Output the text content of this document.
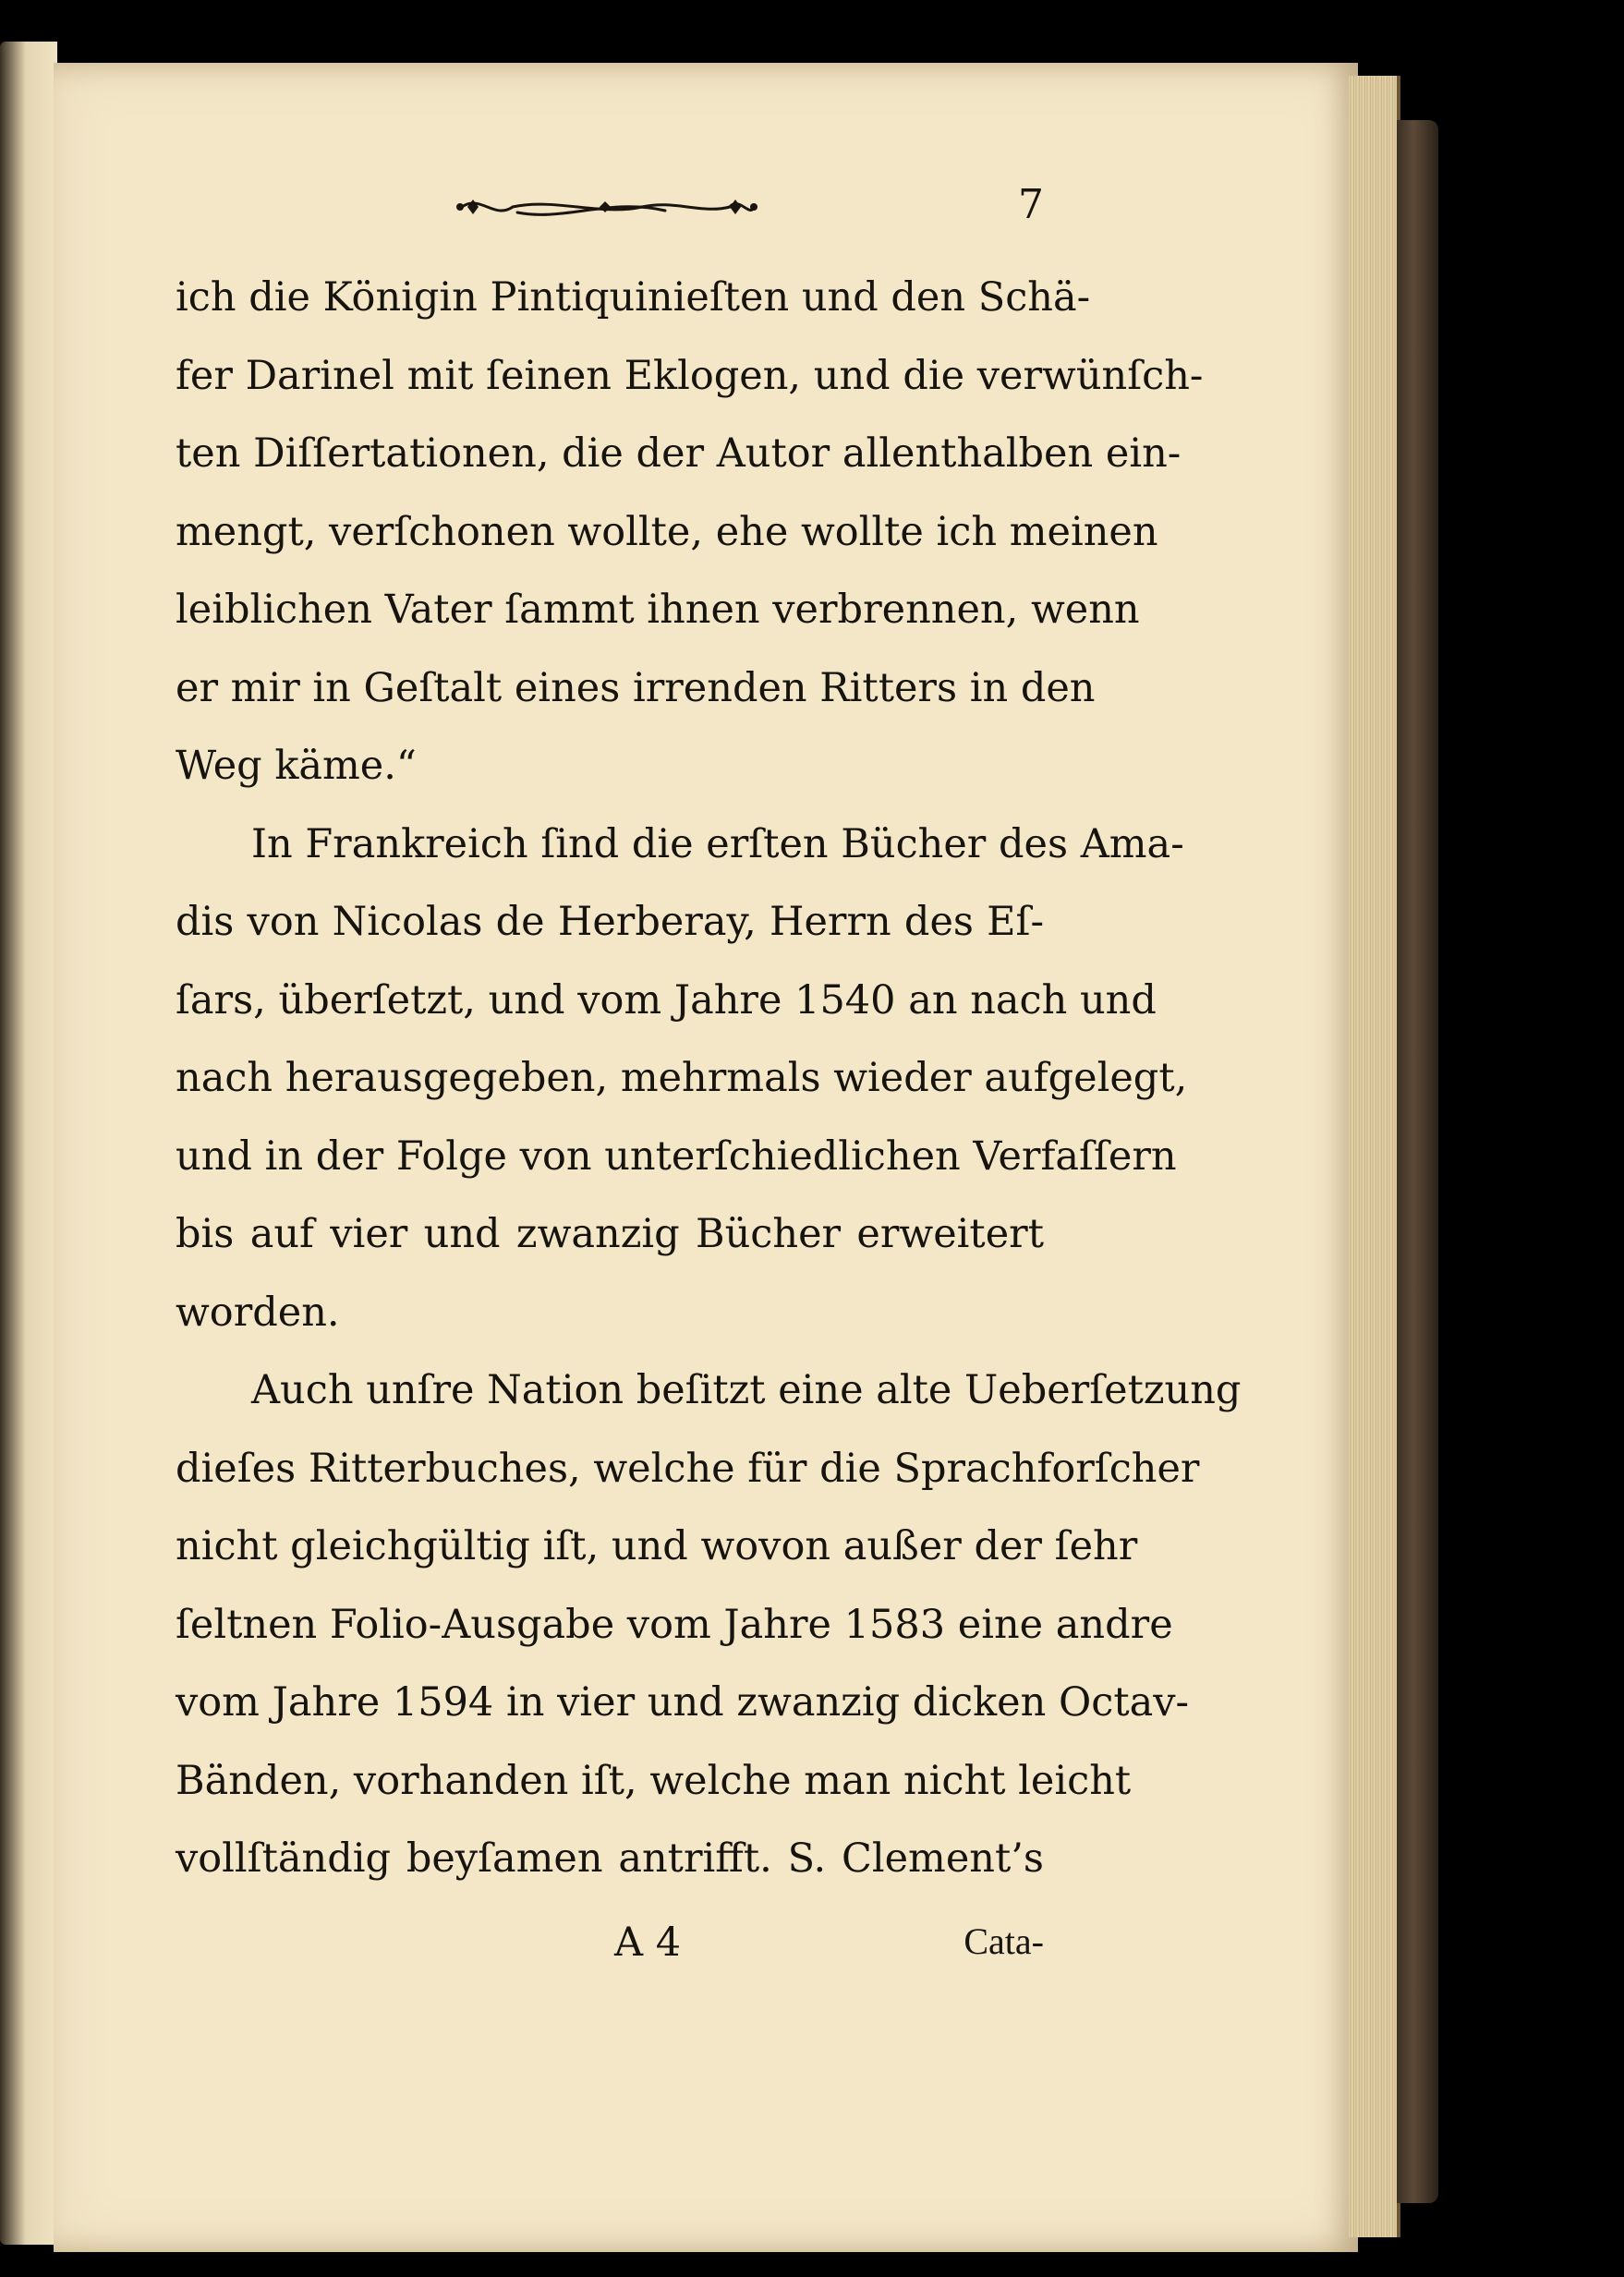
7
ich die Königin Pintiquinieſten und den Schä-
fer Darinel mit ſeinen Eklogen, und die verwünſch-
ten Diſſertationen, die der Autor allenthalben ein-
mengt, verſchonen wollte, ehe wollte ich meinen
leiblichen Vater ſammt ihnen verbrennen, wenn
er mir in Geſtalt eines irrenden Ritters in den
Weg käme.“
In Frankreich ſind die erſten Bücher des Ama-
dis von Nicolas de Herberay, Herrn des Eſ-
ſars, überſetzt, und vom Jahre 1540 an nach und
nach herausgegeben, mehrmals wieder aufgelegt,
und in der Folge von unterſchiedlichen Verfaſſern
bis auf vier und zwanzig Bücher erweitert
worden.
Auch unſre Nation beſitzt eine alte Ueberſetzung
dieſes Ritterbuches, welche für die Sprachforſcher
nicht gleichgültig iſt, und wovon außer der ſehr
ſeltnen Folio-Ausgabe vom Jahre 1583 eine andre
vom Jahre 1594 in vier und zwanzig dicken Octav-
Bänden, vorhanden iſt, welche man nicht leicht
vollſtändig beyſamen antrifft. S. Clement’s
A 4	Cata-
